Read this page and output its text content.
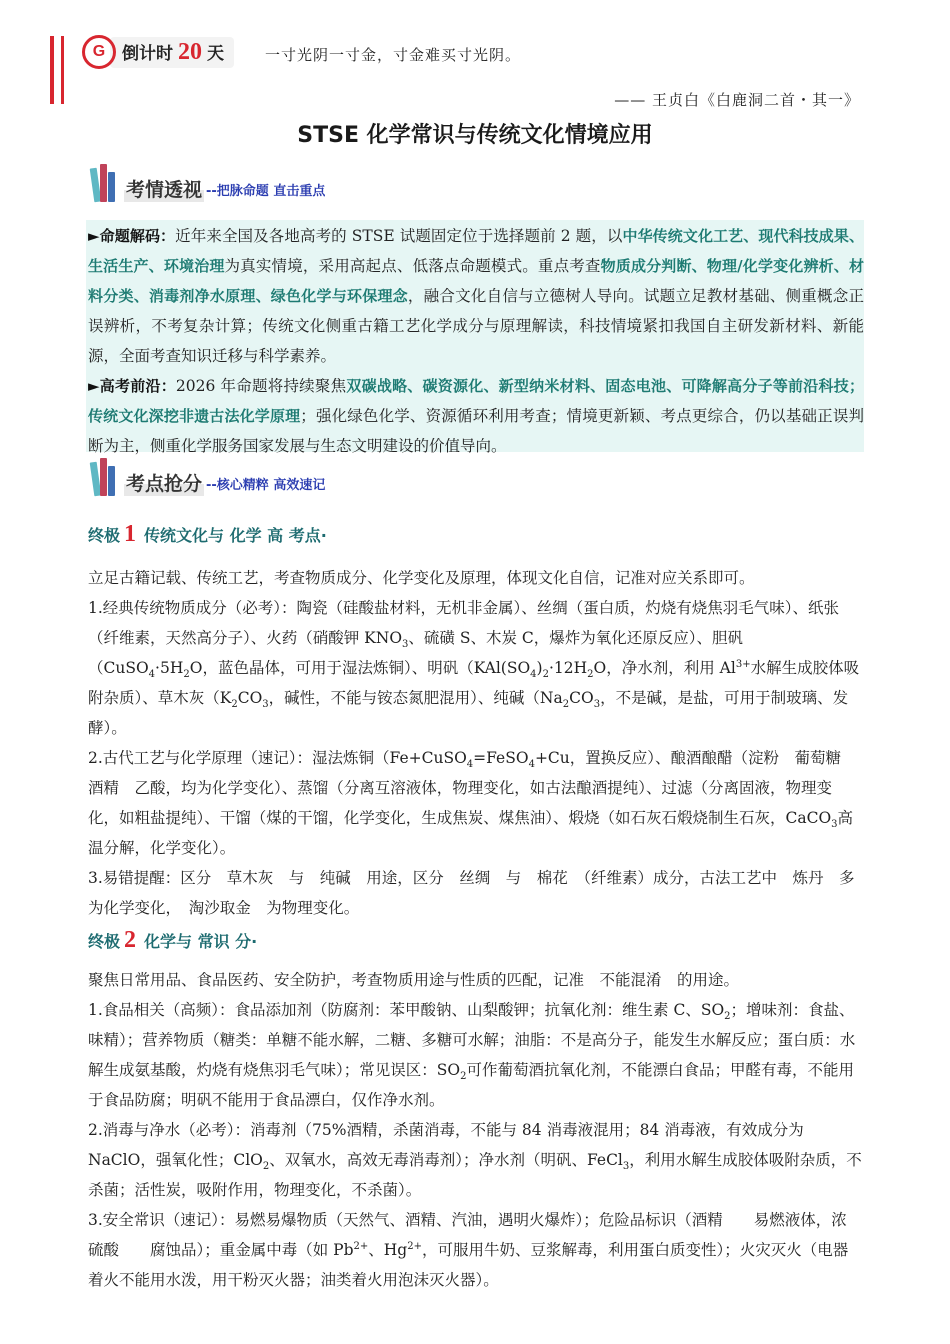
G 倒计时 20 天	一寸光阴一寸金，寸金难买寸光阴。
—— 王贞白《白鹿洞二首・其一》
STSE 化学常识与传统文化情境应用
考情透视 --把脉命题 直击重点
►命题解码：近年来全国及各地高考的 STSE 试题固定位于选择题前 2 题，以中华传统文化工艺、现代科技成果、生活生产、环境治理为真实情境，采用高起点、低落点命题模式。重点考查物质成分判断、物理/化学变化辨析、材料分类、消毒剂净水原理、绿色化学与环保理念，融合文化自信与立德树人导向。试题立足教材基础、侧重概念正误辨析，不考复杂计算；传统文化侧重古籍工艺化学成分与原理解读，科技情境紧扣我国自主研发新材料、新能源，全面考查知识迁移与科学素养。
►高考前沿：2026 年命题将持续聚焦双碳战略、碳资源化、新型纳米材料、固态电池、可降解高分子等前沿科技；传统文化深挖非遗古法化学原理；强化绿色化学、资源循环利用考查；情境更新颖、考点更综合，仍以基础正误判断为主，侧重化学服务国家发展与生态文明建设的价值导向。
考点抢分 --核心精粹 高效速记
终极 1 传统文化与 化学 高 考点·

立足古籍记载、传统工艺，考查物质成分、化学变化及原理，体现文化自信，记准对应关系即可。

1.经典传统物质成分（必考）：陶瓷（硅酸盐材料，无机非金属）、丝绸（蛋白质，灼烧有烧焦羽毛气味）、纸张（纤维素，天然高分子）、火药（硝酸钾 $KNO_3$、硫磺 S、木炭 C，爆炸为氧化还原反应）、胆矾（$CuSO_4\cdot 5H_2O$，蓝色晶体，可用于湿法炼铜）、明矾（$KAl(SO_4)_2\cdot 12H_2O$，净水剂，利用 $Al^{3+}$水解生成胶体吸附杂质）、草木灰（$K_2CO_3$，碱性，不能与铵态氮肥混用）、纯碱（$Na_2CO_3$，不是碱，是盐，可用于制玻璃、发酵）。

2.古代工艺与化学原理（速记）：湿法炼铜（Fe+CuSO$_4$=FeSO$_4$+Cu，置换反应）、酿酒酿醋（淀粉　葡萄糖　酒精　乙酸，均为化学变化）、蒸馏（分离互溶液体，物理变化，如古法酿酒提纯）、过滤（分离固液，物理变化，如粗盐提纯）、干馏（煤的干馏，化学变化，生成焦炭、煤焦油）、煅烧（如石灰石煅烧制生石灰，CaCO$_3$高温分解，化学变化）。

3.易错提醒：区分　草木灰　与　纯碱　用途，区分　丝绸　与　棉花　（纤维素）成分，古法工艺中　炼丹　多为化学变化，　淘沙取金　为物理变化。

终极 2 化学与 常识 分·

聚焦日常用品、食品医药、安全防护，考查物质用途与性质的匹配，记准　不能混淆　的用途。

1.食品相关（高频）：食品添加剂（防腐剂：苯甲酸钠、山梨酸钾；抗氧化剂：维生素 C、$SO_2$；增味剂：食盐、味精）；营养物质（糖类：单糖不能水解，二糖、多糖可水解；油脂：不是高分子，能发生水解反应；蛋白质：水解生成氨基酸，灼烧有烧焦羽毛气味）；常见误区：$SO_2$可作葡萄酒抗氧化剂，不能漂白食品；甲醛有毒，不能用于食品防腐；明矾不能用于食品漂白，仅作净水剂。

2.消毒与净水（必考）：消毒剂（75%酒精，杀菌消毒，不能与 84 消毒液混用；84 消毒液，有效成分为 NaClO，强氧化性；ClO$_2$、双氧水，高效无毒消毒剂）；净水剂（明矾、FeCl$_3$，利用水解生成胶体吸附杂质，不杀菌；活性炭，吸附作用，物理变化，不杀菌）。

3.安全常识（速记）：易燃易爆物质（天然气、酒精、汽油，遇明火爆炸）；危险品标识（酒精　　易燃液体，浓硫酸　　腐蚀品）；重金属中毒（如 $Pb^{2+}$、$Hg^{2+}$，可服用牛奶、豆浆解毒，利用蛋白质变性）；火灾灭火（电器着火不能用水泼，用干粉灭火器；油类着火用泡沫灭火器）。
